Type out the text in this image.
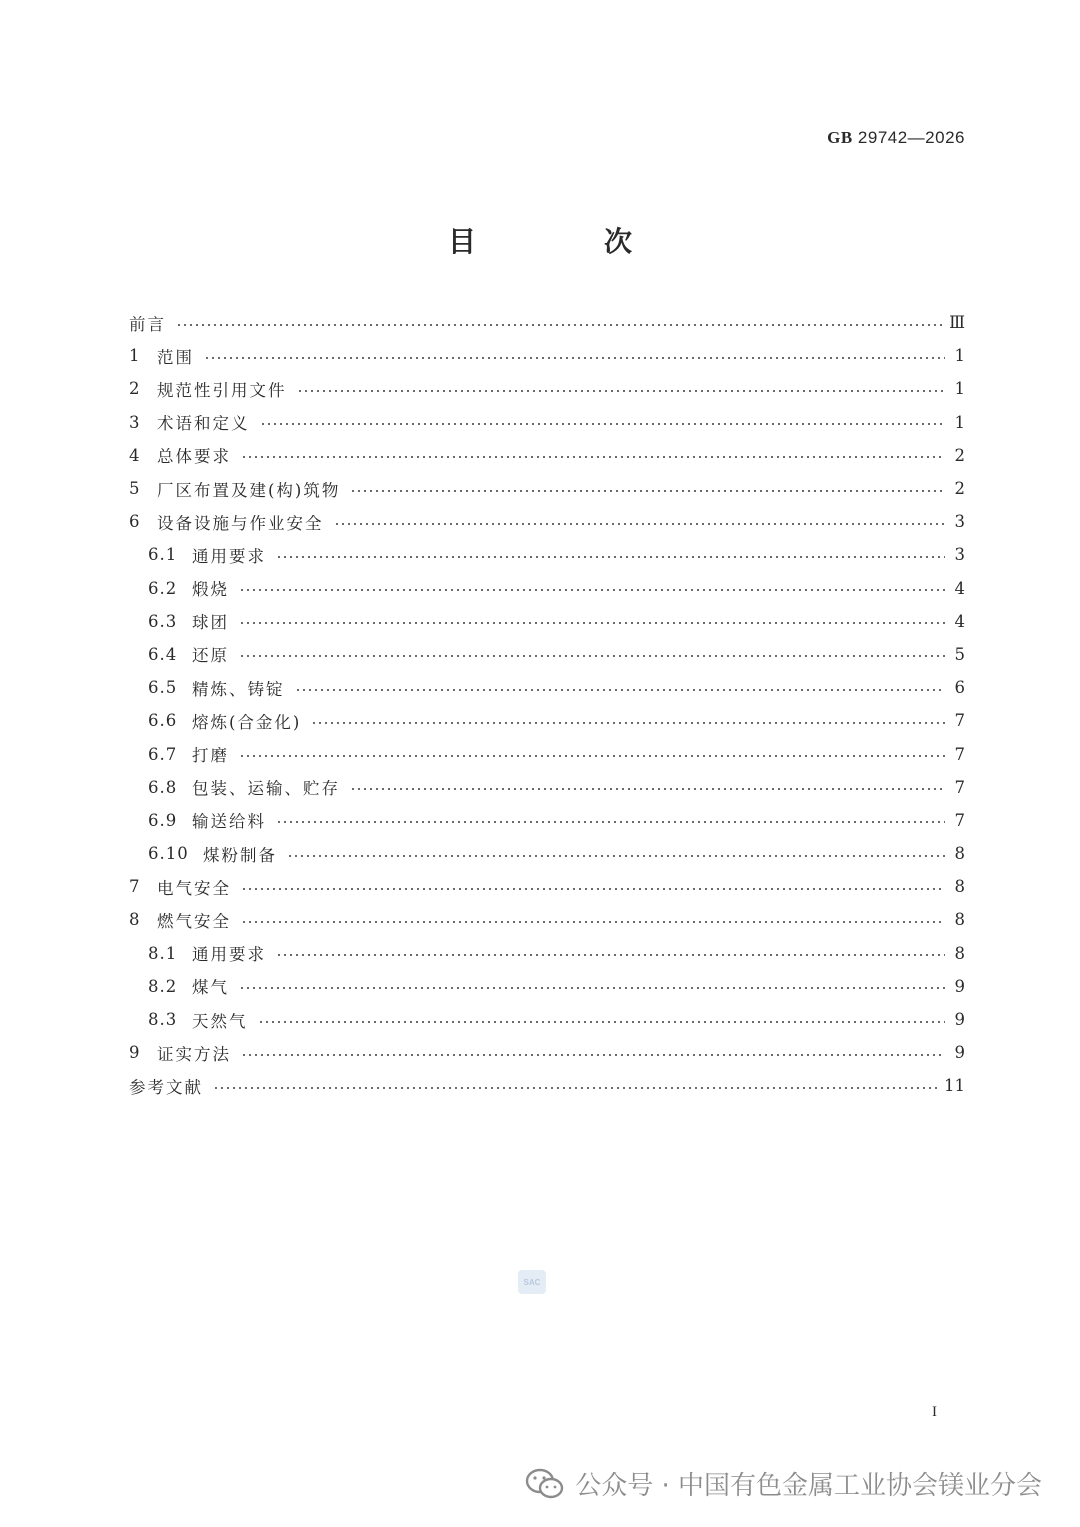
GB 29742—2026
目　次
前言	Ⅲ
1	范围	1
2	规范性引用文件	1
3	术语和定义	1
4	总体要求	2
5	厂区布置及建(构)筑物	2
6	设备设施与作业安全	3
6.1 通用要求	3
6.2 煅烧	4
6.3 球团	4
6.4 还原	5
6.5 精炼、铸锭	6
6.6 熔炼(合金化)	7
6.7 打磨	7
6.8 包装、运输、贮存	7
6.9 输送给料	7
6.10 煤粉制备	8
7	电气安全	8
8	燃气安全	8
8.1 通用要求	8
8.2 煤气	9
8.3 天然气	9
9	证实方法	9
参考文献	11
SAC
I
公众号 · 中国有色金属工业协会镁业分会
